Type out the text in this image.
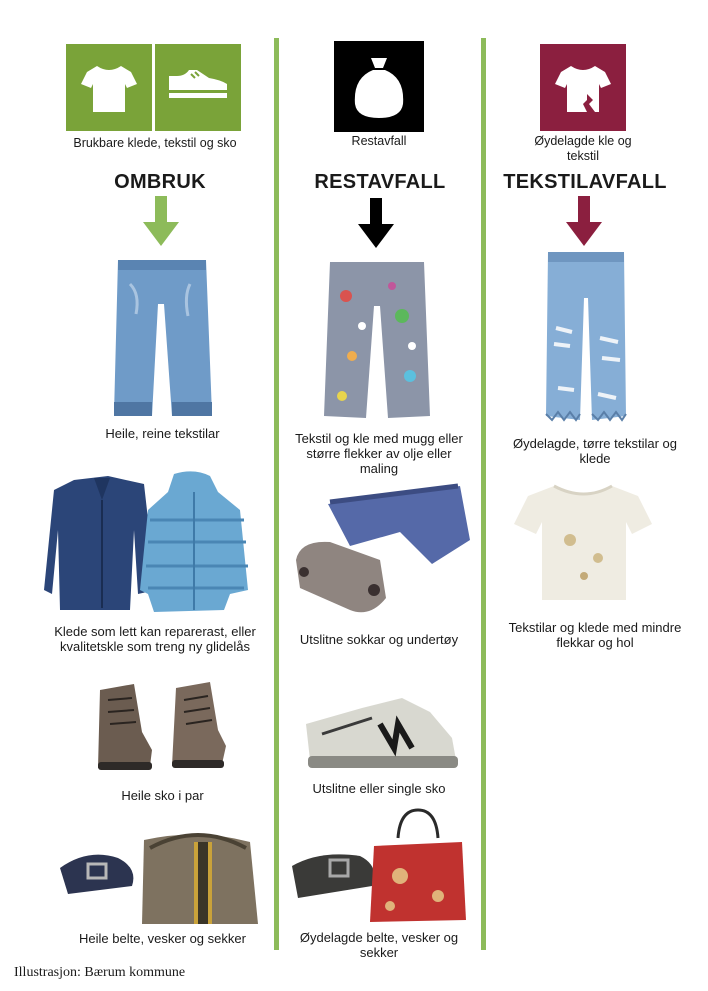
Brukbare klede, tekstil og sko
OMBRUK
Heile, reine tekstilar
Klede som lett kan reparerast, eller kvalitetskle som treng ny glidelås
Heile sko i par
Heile belte, vesker og sekker
Restavfall
RESTAVFALL
Tekstil og kle med mugg eller større flekker av olje eller maling
Utslitne sokkar og undertøy
Utslitne eller single sko
Øydelagde belte, vesker og sekker
Øydelagde kle og tekstil
TEKSTILAVFALL
Øydelagde, tørre tekstilar og klede
Tekstilar og klede med mindre flekkar og hol
Illustrasjon: Bærum kommune
